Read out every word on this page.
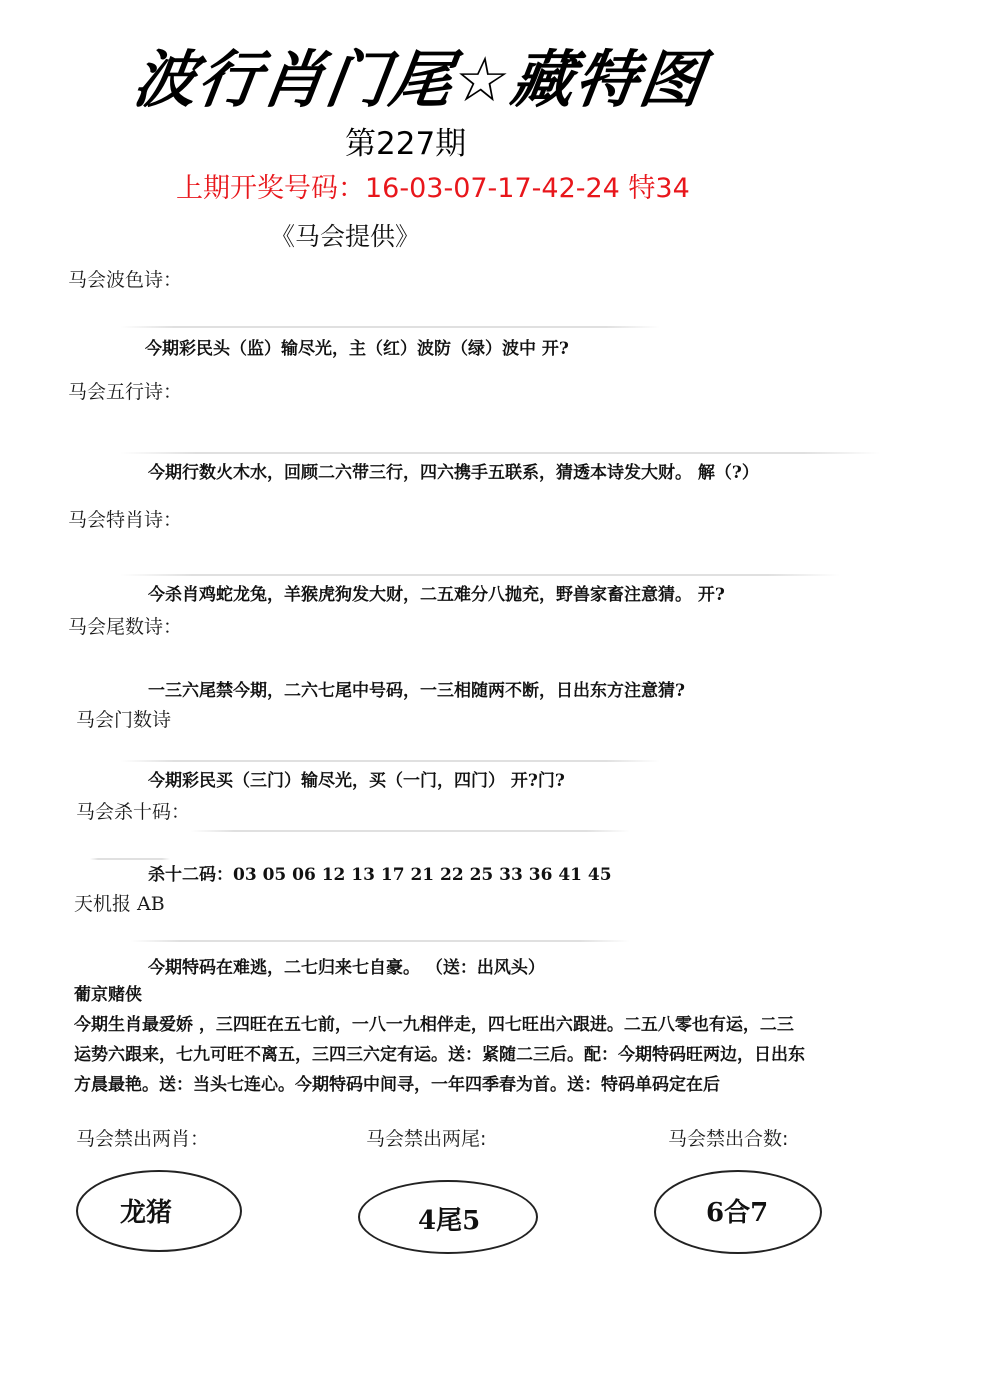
波行肖门尾☆藏特图
第227期
上期开奖号码：16-03-07-17-42-24 特34
《马会提供》
马会波色诗：
今期彩民头（监）输尽光，主（红）波防（绿）波中 开?
马会五行诗：
今期行数火木水，回顾二六带三行，四六携手五联系，猜透本诗发大财。 解（?）
马会特肖诗：
今杀肖鸡蛇龙兔，羊猴虎狗发大财，二五难分八抛充，野兽家畜注意猜。 开?
马会尾数诗：
一三六尾禁今期，二六七尾中号码，一三相随两不断，日出东方注意猜?
马会门数诗
今期彩民买（三门）输尽光，买（一门，四门） 开?门?
马会杀十码：
杀十二码：03 05 06 12 13 17 21 22 25 33 36 41 45
天机报 AB
今期特码在难逃，二七归来七自豪。 （送：出风头）
葡京赌侠
今期生肖最爱娇 ，三四旺在五七前，一八一九相伴走，四七旺出六跟进。二五八零也有运，二三
运势六跟来，七九可旺不离五，三四三六定有运。送：紧随二三后。配：今期特码旺两边，日出东
方晨最艳。送：当头七连心。今期特码中间寻，一年四季春为首。送：特码单码定在后
马会禁出两肖：	马会禁出两尾:	马会禁出合数:
龙猪	4尾5	6合7
